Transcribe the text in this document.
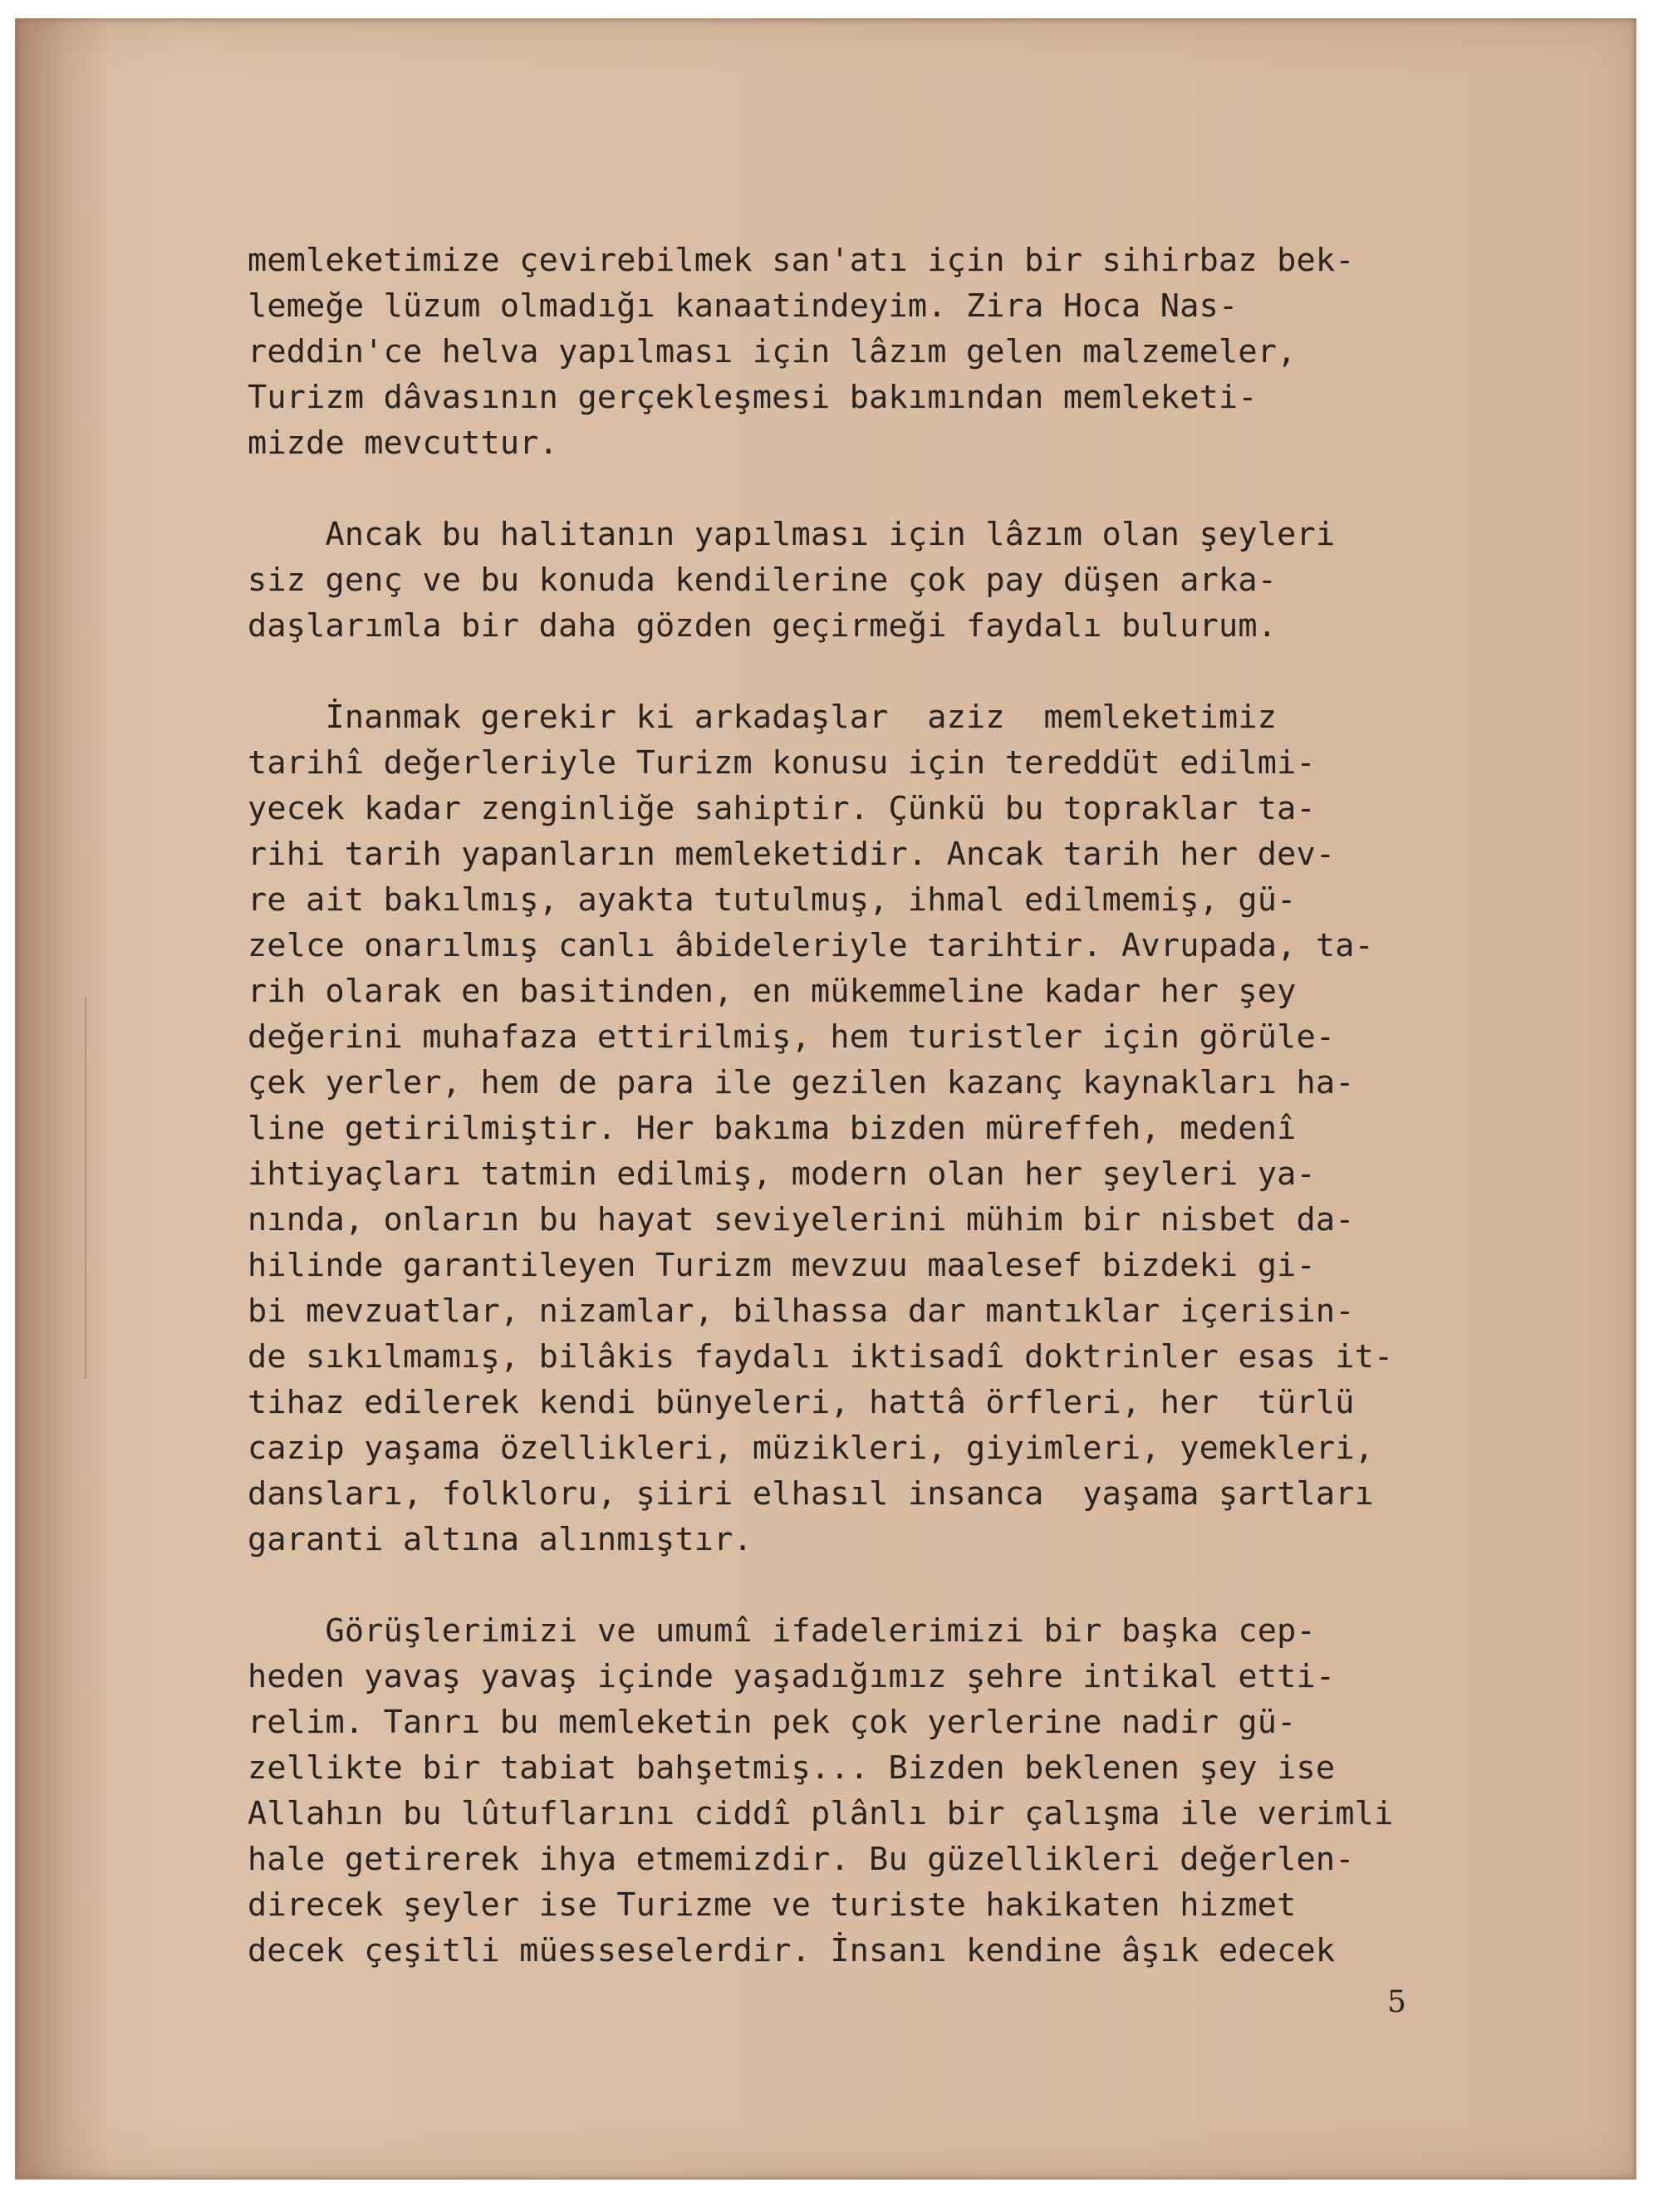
memleketimize çevirebilmek san'atı için bir sihirbaz bek-
lemeğe lüzum olmadığı kanaatindeyim. Zira Hoca Nas-
reddin'ce helva yapılması için lâzım gelen malzemeler,
Turizm dâvasının gerçekleşmesi bakımından memleketi-
mizde mevcuttur.
Ancak bu halitanın yapılması için lâzım olan şeyleri
siz genç ve bu konuda kendilerine çok pay düşen arka-
daşlarımla bir daha gözden geçirmeği faydalı bulurum.
İnanmak gerekir ki arkadaşlar  aziz  memleketimiz
tarihî değerleriyle Turizm konusu için tereddüt edilmi-
yecek kadar zenginliğe sahiptir. Çünkü bu topraklar ta-
rihi tarih yapanların memleketidir. Ancak tarih her dev-
re ait bakılmış, ayakta tutulmuş, ihmal edilmemiş, gü-
zelce onarılmış canlı âbideleriyle tarihtir. Avrupada, ta-
rih olarak en basitinden, en mükemmeline kadar her şey
değerini muhafaza ettirilmiş, hem turistler için görüle-
çek yerler, hem de para ile gezilen kazanç kaynakları ha-
line getirilmiştir. Her bakıma bizden müreffeh, medenî
ihtiyaçları tatmin edilmiş, modern olan her şeyleri ya-
nında, onların bu hayat seviyelerini mühim bir nisbet da-
hilinde garantileyen Turizm mevzuu maalesef bizdeki gi-
bi mevzuatlar, nizamlar, bilhassa dar mantıklar içerisin-
de sıkılmamış, bilâkis faydalı iktisadî doktrinler esas it-
tihaz edilerek kendi bünyeleri, hattâ örfleri, her  türlü
cazip yaşama özellikleri, müzikleri, giyimleri, yemekleri,
dansları, folkloru, şiiri elhasıl insanca  yaşama şartları
garanti altına alınmıştır.
Görüşlerimizi ve umumî ifadelerimizi bir başka cep-
heden yavaş yavaş içinde yaşadığımız şehre intikal etti-
relim. Tanrı bu memleketin pek çok yerlerine nadir gü-
zellikte bir tabiat bahşetmiş... Bizden beklenen şey ise
Allahın bu lûtuflarını ciddî plânlı bir çalışma ile verimli
hale getirerek ihya etmemizdir. Bu güzellikleri değerlen-
direcek şeyler ise Turizme ve turiste hakikaten hizmet
decek çeşitli müesseselerdir. İnsanı kendine âşık edecek
5
